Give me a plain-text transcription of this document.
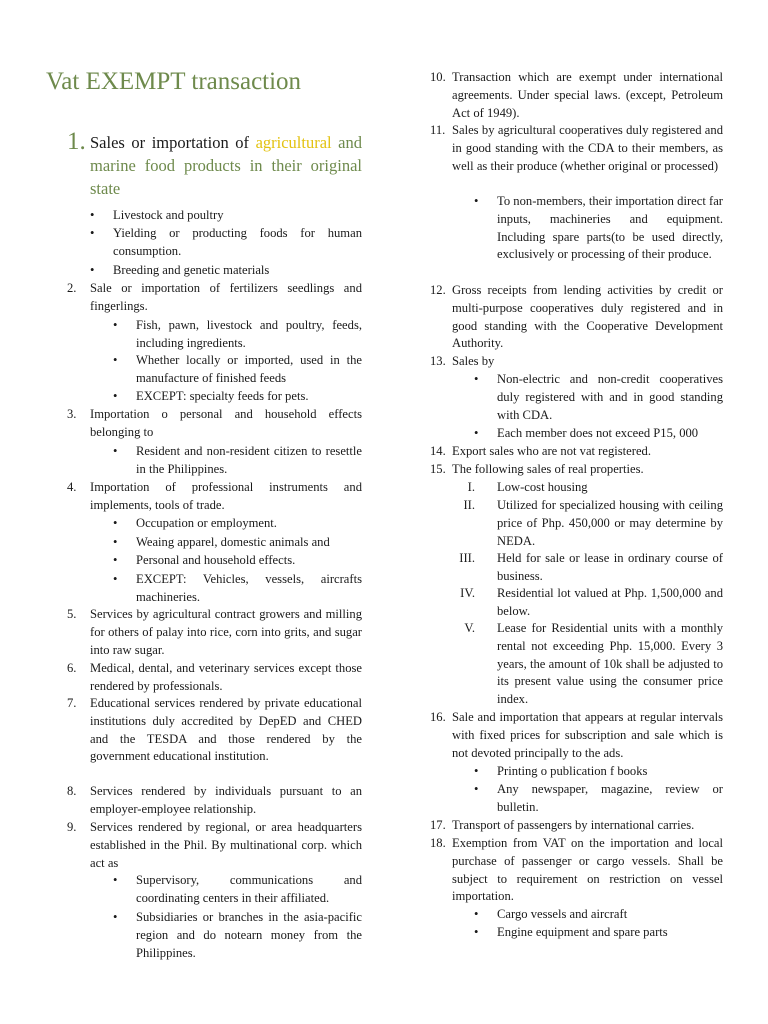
Vat EXEMPT transaction
1. Sales or importation of agricultural and marine food products in their original state
• Livestock and poultry
• Yielding or producting foods for human consumption.
• Breeding and genetic materials
2. Sale or importation of fertilizers seedlings and fingerlings.
• Fish, pawn, livestock and poultry, feeds, including ingredients.
• Whether locally or imported, used in the manufacture of finished feeds
• EXCEPT: specialty feeds for pets.
3. Importation o personal and household effects belonging to
• Resident and non-resident citizen to resettle in the Philippines.
4. Importation of professional instruments and implements, tools of trade.
• Occupation or employment.
• Weaing apparel, domestic animals and
• Personal and household effects.
• EXCEPT: Vehicles, vessels, aircrafts machineries.
5. Services by agricultural contract growers and milling for others of palay into rice, corn into grits, and sugar into raw sugar.
6. Medical, dental, and veterinary services except those rendered by professionals.
7. Educational services rendered by private educational institutions duly accredited by DepED and CHED and the TESDA and those rendered by the government educational institution.
8. Services rendered by individuals pursuant to an employer-employee relationship.
9. Services rendered by regional, or area headquarters established in the Phil. By multinational corp. which act as
• Supervisory, communications and coordinating centers in their affiliated.
• Subsidiaries or branches in the asia-pacific region and do notearn money from the Philippines.
10. Transaction which are exempt under international agreements. Under special laws. (except, Petroleum Act of 1949).
11. Sales by agricultural cooperatives duly registered and in good standing with the CDA to their members, as well as their produce (whether original or processed)
• To non-members, their importation direct far inputs, machineries and equipment. Including spare parts(to be used directly, exclusively or processing of their produce.
12. Gross receipts from lending activities by credit or multi-purpose cooperatives duly registered and in good standing with the Cooperative Development Authority.
13. Sales by
• Non-electric and non-credit cooperatives duly registered with and in good standing with CDA.
• Each member does not exceed P15, 000
14. Export sales who are not vat registered.
15. The following sales of real properties.
I. Low-cost housing
II. Utilized for specialized housing with ceiling price of Php. 450,000 or may determine by NEDA.
III. Held for sale or lease in ordinary course of business.
IV. Residential lot valued at Php. 1,500,000 and below.
V. Lease for Residential units with a monthly rental not exceeding Php. 15,000. Every 3 years, the amount of 10k shall be adjusted to its present value using the consumer price index.
16. Sale and importation that appears at regular intervals with fixed prices for subscription and sale which is not devoted principally to the ads.
• Printing o publication f books
• Any newspaper, magazine, review or bulletin.
17. Transport of passengers by international carries.
18. Exemption from VAT on the importation and local purchase of passenger or cargo vessels. Shall be subject to requirement on restriction on vessel importation.
• Cargo vessels and aircraft
• Engine equipment and spare parts
